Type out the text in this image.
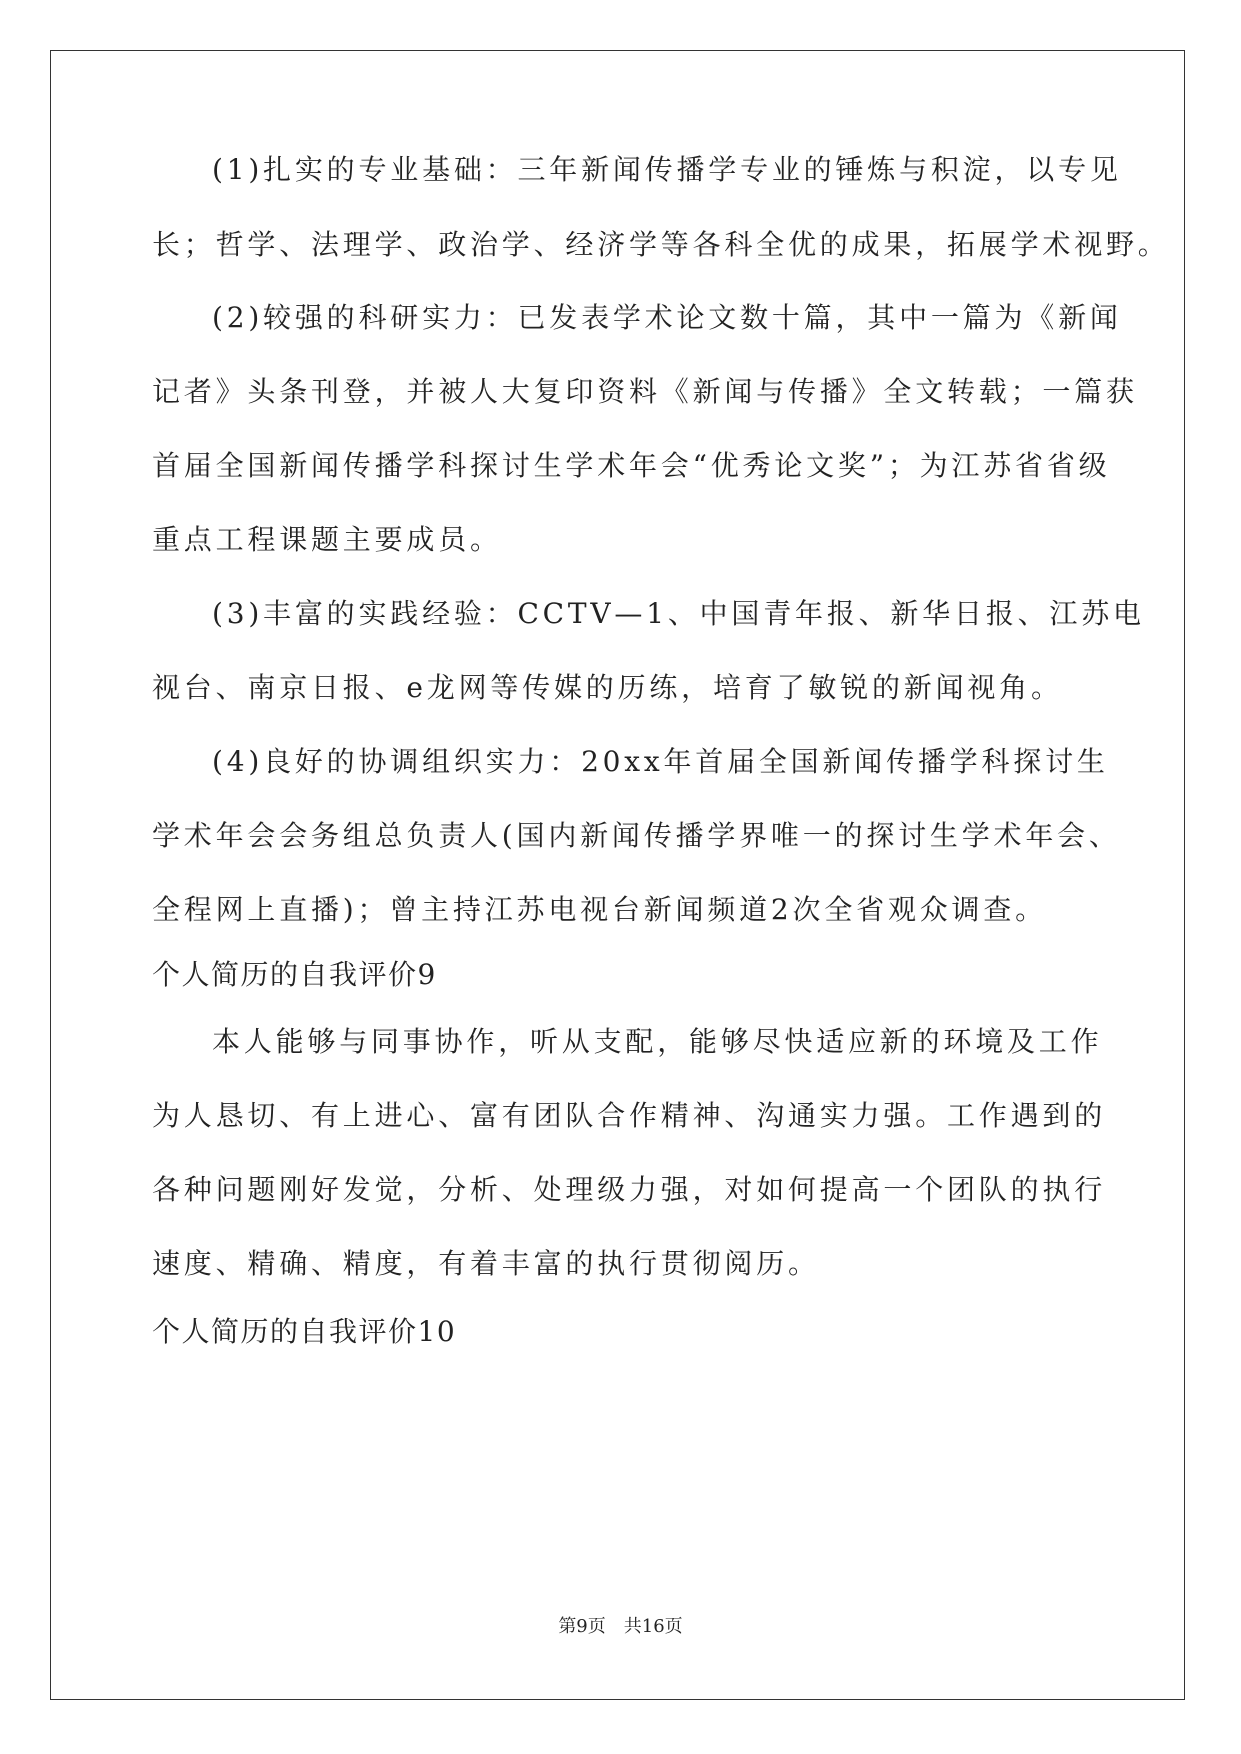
(1)扎实的专业基础：三年新闻传播学专业的锤炼与积淀，以专见

长；哲学、法理学、政治学、经济学等各科全优的成果，拓展学术视野。

(2)较强的科研实力：已发表学术论文数十篇，其中一篇为《新闻

记者》头条刊登，并被人大复印资料《新闻与传播》全文转载；一篇获

首届全国新闻传播学科探讨生学术年会“优秀论文奖”；为江苏省省级

重点工程课题主要成员。

(3)丰富的实践经验：CCTV—1、中国青年报、新华日报、江苏电

视台、南京日报、e龙网等传媒的历练，培育了敏锐的新闻视角。

(4)良好的协调组织实力：20xx年首届全国新闻传播学科探讨生

学术年会会务组总负责人(国内新闻传播学界唯一的探讨生学术年会、

全程网上直播)；曾主持江苏电视台新闻频道2次全省观众调查。

个人简历的自我评价9

本人能够与同事协作，听从支配，能够尽快适应新的环境及工作

为人恳切、有上进心、富有团队合作精神、沟通实力强。工作遇到的

各种问题刚好发觉，分析、处理级力强，对如何提高一个团队的执行

速度、精确、精度，有着丰富的执行贯彻阅历。

个人简历的自我评价10
第9页　共16页
